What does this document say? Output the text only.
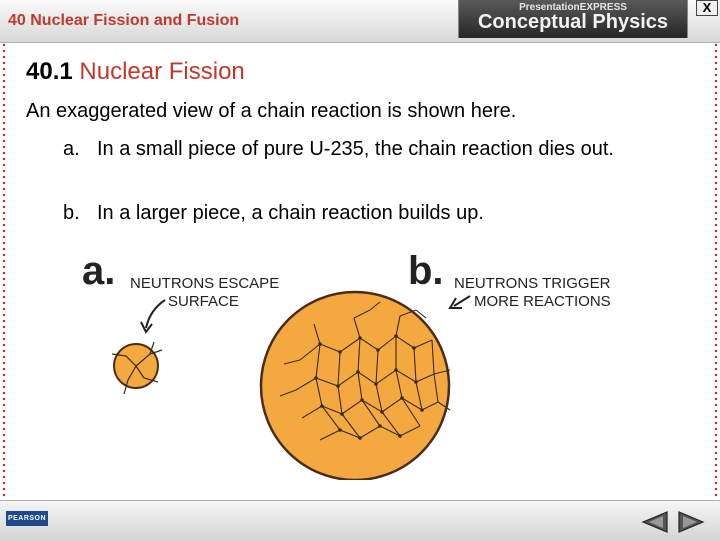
40 Nuclear Fission and Fusion
PresentationEXPRESS
Conceptual Physics
X
40.1 Nuclear Fission
An exaggerated view of a chain reaction is shown here.
a. In a small piece of pure U-235, the chain reaction dies out.
b. In a larger piece, a chain reaction builds up.
a. NEUTRONS ESCAPE
SURFACE
b. NEUTRONS TRIGGER
MORE REACTIONS
PEARSON
